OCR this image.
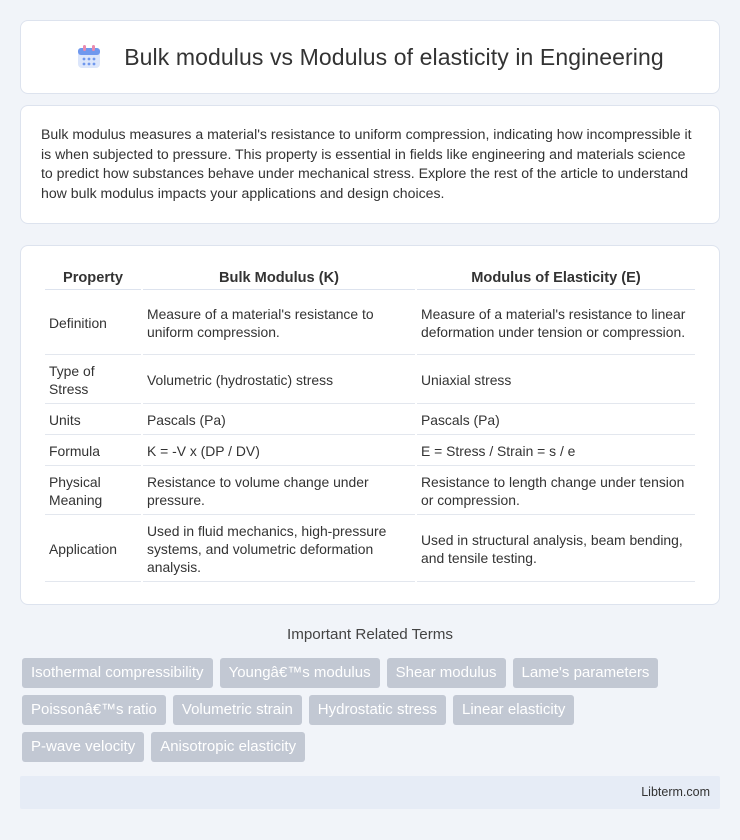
Bulk modulus vs Modulus of elasticity in Engineering

Bulk modulus measures a material's resistance to uniform compression, indicating how incompressible it is when subjected to pressure. This property is essential in fields like engineering and materials science to predict how substances behave under mechanical stress. Explore the rest of the article to understand how bulk modulus impacts your applications and design choices.

Property	Bulk Modulus (K)	Modulus of Elasticity (E)
Definition	Measure of a material's resistance to uniform compression.	Measure of a material's resistance to linear deformation under tension or compression.
Type of Stress	Volumetric (hydrostatic) stress	Uniaxial stress
Units	Pascals (Pa)	Pascals (Pa)
Formula	K = -V x (DP / DV)	E = Stress / Strain = s / e
Physical Meaning	Resistance to volume change under pressure.	Resistance to length change under tension or compression.
Application	Used in fluid mechanics, high-pressure systems, and volumetric deformation analysis.	Used in structural analysis, beam bending, and tensile testing.
Important Related Terms
Isothermal compressibility	Youngâ€™s modulus	Shear modulus	Lame's parameters
Poissonâ€™s ratio	Volumetric strain	Hydrostatic stress	Linear elasticity
P-wave velocity	Anisotropic elasticity
Libterm.com
